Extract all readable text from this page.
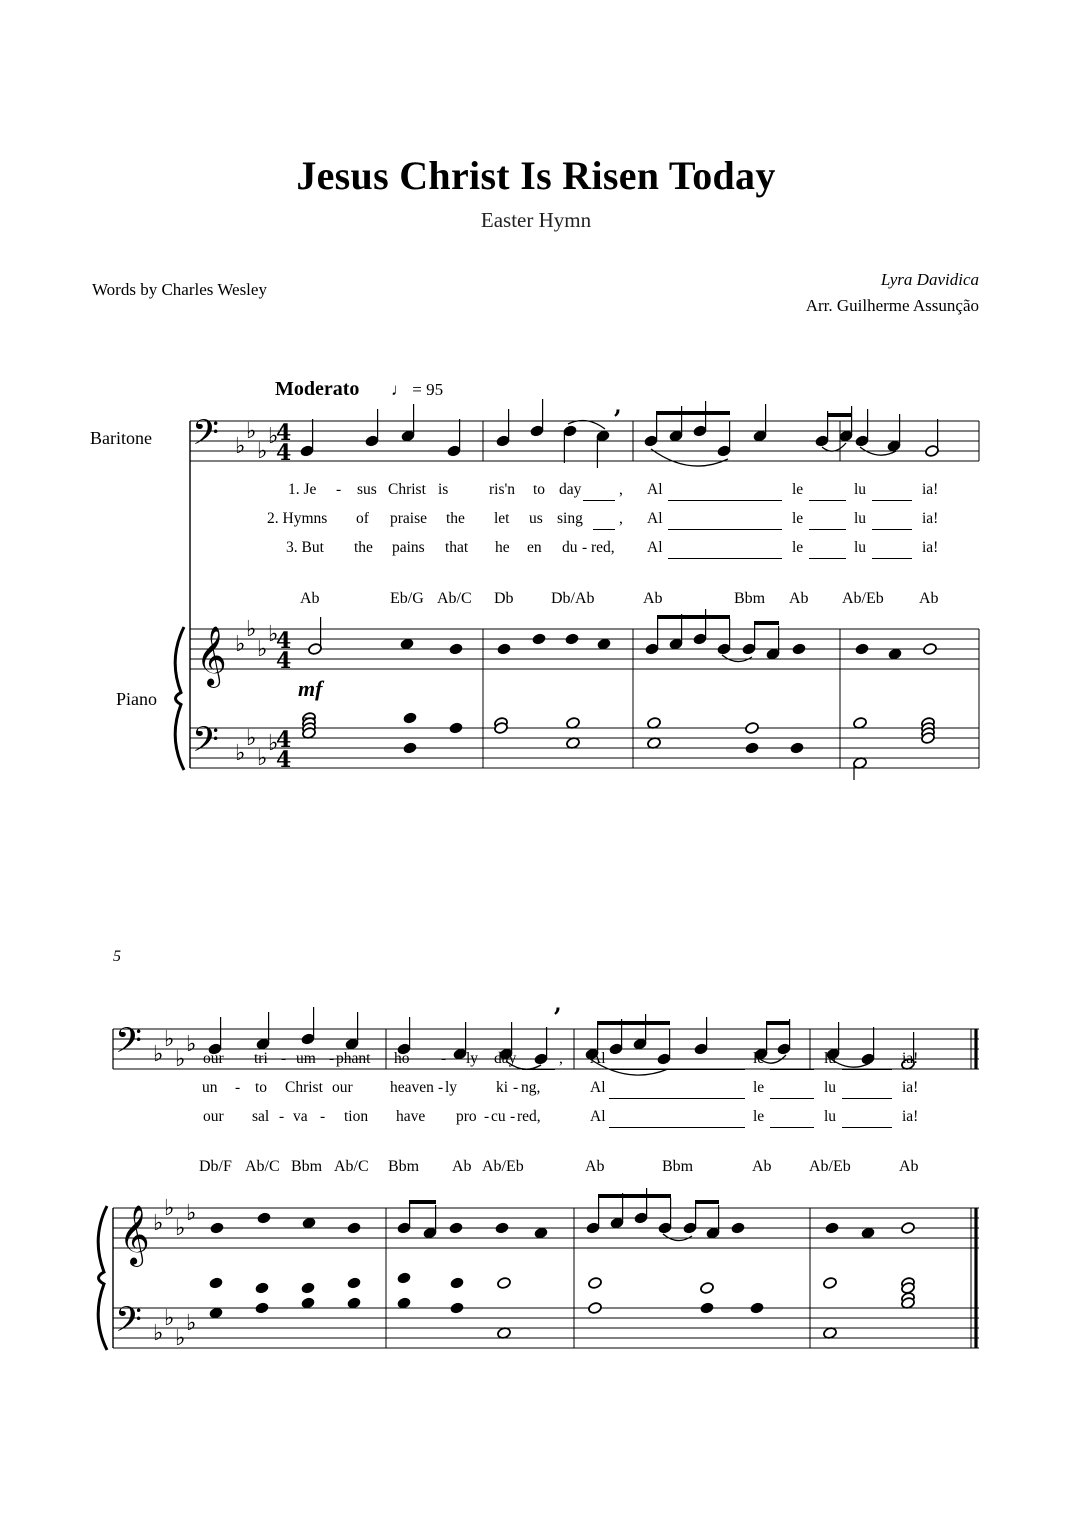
Jesus Christ Is Risen Today
Easter Hymn
Words by Charles Wesley
Lyra Davidica
Arr. Guilherme Assunção
Moderato ♩ = 95
Baritone
Piano
5
𝄢 ♭
♭
♭
♭
4
4
𝄞 ♭
♭
♭
♭
4
4
𝄢 ♭
♭
♭
♭
4
4
,
𝄢 ♭
♭
♭
♭
𝄞 ♭
♭
♭
♭
𝄢 ♭
♭
♭
♭
,
Ab	Eb/G Ab/C Db Db/Ab	Ab	Bbm Ab Ab/Eb Ab
Db/F Ab/C Bbm Ab/C Bbm Ab Ab/Eb	Ab	Bbm	Ab Ab/Eb	Ab
1. Je - sus Christ is	ris'n to day , Al	le	lu	ia!
2. Hymns of praise the let us sing , Al	le	lu	ia!
3. But the pains that he en du - red, Al	le	lu	ia!
our tri - um - phant ho - ly day	, Al	le	lu	ia!
un - to Christ our heaven - ly	ki - ng,	Al	le	lu	ia!
our sal - va - tion have pro - cu - red,	Al	le	lu	ia!
mf
